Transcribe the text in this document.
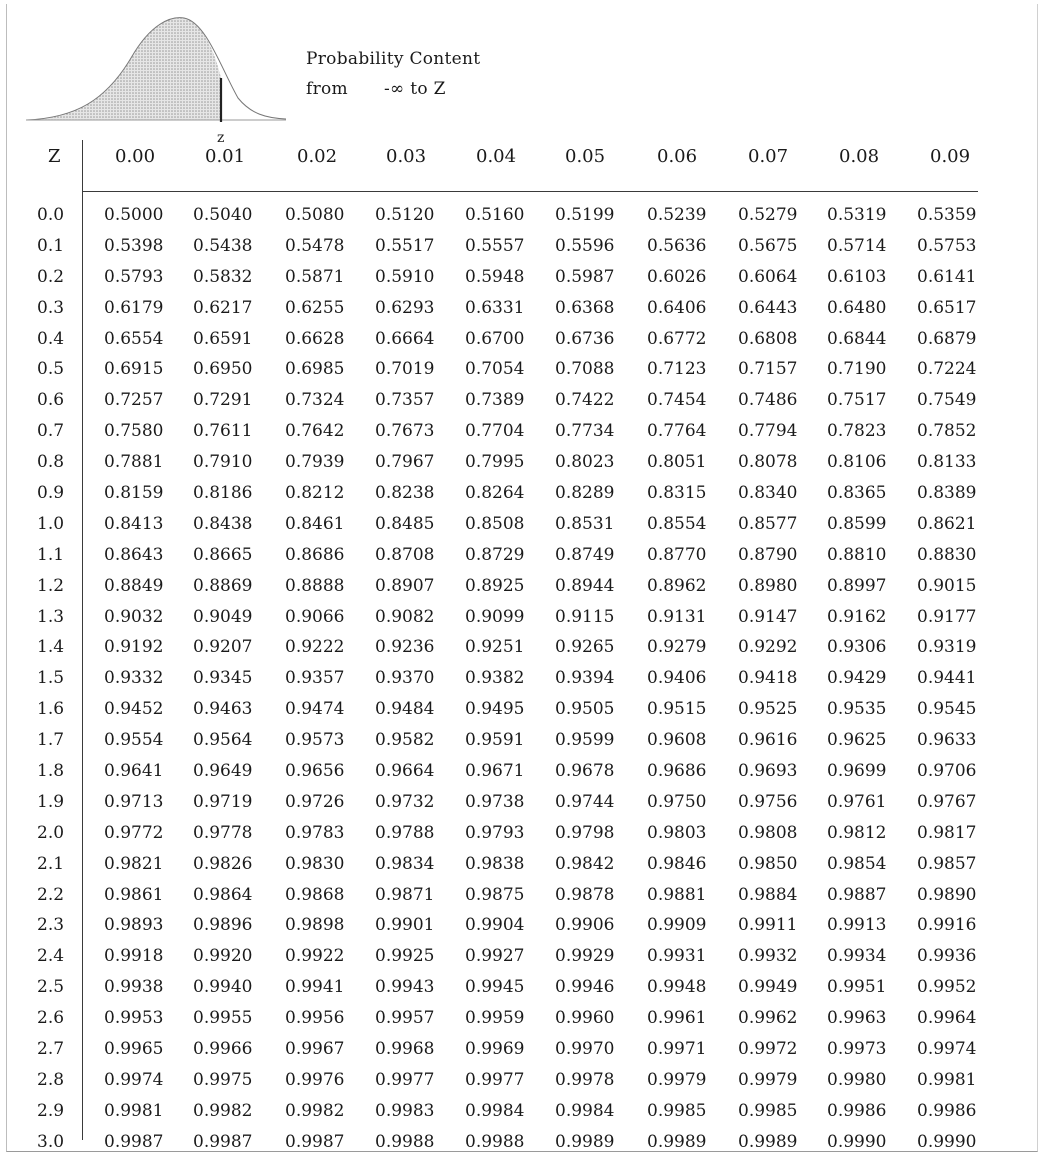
z
Probability Content
from	-∞ to Z
Z	0.00	0.01	0.02	0.03	0.04	0.05	0.06	0.07	0.08	0.09
0.0 0.5000 0.5040 0.5080 0.5120 0.5160 0.5199 0.5239 0.5279 0.5319 0.5359
0.1 0.5398 0.5438 0.5478 0.5517 0.5557 0.5596 0.5636 0.5675 0.5714 0.5753
0.2 0.5793 0.5832 0.5871 0.5910 0.5948 0.5987 0.6026 0.6064 0.6103 0.6141
0.3 0.6179 0.6217 0.6255 0.6293 0.6331 0.6368 0.6406 0.6443 0.6480 0.6517
0.4 0.6554 0.6591 0.6628 0.6664 0.6700 0.6736 0.6772 0.6808 0.6844 0.6879
0.5 0.6915 0.6950 0.6985 0.7019 0.7054 0.7088 0.7123 0.7157 0.7190 0.7224
0.6 0.7257 0.7291 0.7324 0.7357 0.7389 0.7422 0.7454 0.7486 0.7517 0.7549
0.7 0.7580 0.7611 0.7642 0.7673 0.7704 0.7734 0.7764 0.7794 0.7823 0.7852
0.8 0.7881 0.7910 0.7939 0.7967 0.7995 0.8023 0.8051 0.8078 0.8106 0.8133
0.9 0.8159 0.8186 0.8212 0.8238 0.8264 0.8289 0.8315 0.8340 0.8365 0.8389
1.0 0.8413 0.8438 0.8461 0.8485 0.8508 0.8531 0.8554 0.8577 0.8599 0.8621
1.1 0.8643 0.8665 0.8686 0.8708 0.8729 0.8749 0.8770 0.8790 0.8810 0.8830
1.2 0.8849 0.8869 0.8888 0.8907 0.8925 0.8944 0.8962 0.8980 0.8997 0.9015
1.3 0.9032 0.9049 0.9066 0.9082 0.9099 0.9115 0.9131 0.9147 0.9162 0.9177
1.4 0.9192 0.9207 0.9222 0.9236 0.9251 0.9265 0.9279 0.9292 0.9306 0.9319
1.5 0.9332 0.9345 0.9357 0.9370 0.9382 0.9394 0.9406 0.9418 0.9429 0.9441
1.6 0.9452 0.9463 0.9474 0.9484 0.9495 0.9505 0.9515 0.9525 0.9535 0.9545
1.7 0.9554 0.9564 0.9573 0.9582 0.9591 0.9599 0.9608 0.9616 0.9625 0.9633
1.8 0.9641 0.9649 0.9656 0.9664 0.9671 0.9678 0.9686 0.9693 0.9699 0.9706
1.9 0.9713 0.9719 0.9726 0.9732 0.9738 0.9744 0.9750 0.9756 0.9761 0.9767
2.0 0.9772 0.9778 0.9783 0.9788 0.9793 0.9798 0.9803 0.9808 0.9812 0.9817
2.1 0.9821 0.9826 0.9830 0.9834 0.9838 0.9842 0.9846 0.9850 0.9854 0.9857
2.2 0.9861 0.9864 0.9868 0.9871 0.9875 0.9878 0.9881 0.9884 0.9887 0.9890
2.3 0.9893 0.9896 0.9898 0.9901 0.9904 0.9906 0.9909 0.9911 0.9913 0.9916
2.4 0.9918 0.9920 0.9922 0.9925 0.9927 0.9929 0.9931 0.9932 0.9934 0.9936
2.5 0.9938 0.9940 0.9941 0.9943 0.9945 0.9946 0.9948 0.9949 0.9951 0.9952
2.6 0.9953 0.9955 0.9956 0.9957 0.9959 0.9960 0.9961 0.9962 0.9963 0.9964
2.7 0.9965 0.9966 0.9967 0.9968 0.9969 0.9970 0.9971 0.9972 0.9973 0.9974
2.8 0.9974 0.9975 0.9976 0.9977 0.9977 0.9978 0.9979 0.9979 0.9980 0.9981
2.9 0.9981 0.9982 0.9982 0.9983 0.9984 0.9984 0.9985 0.9985 0.9986 0.9986
3.0 0.9987 0.9987 0.9987 0.9988 0.9988 0.9989 0.9989 0.9989 0.9990 0.9990
